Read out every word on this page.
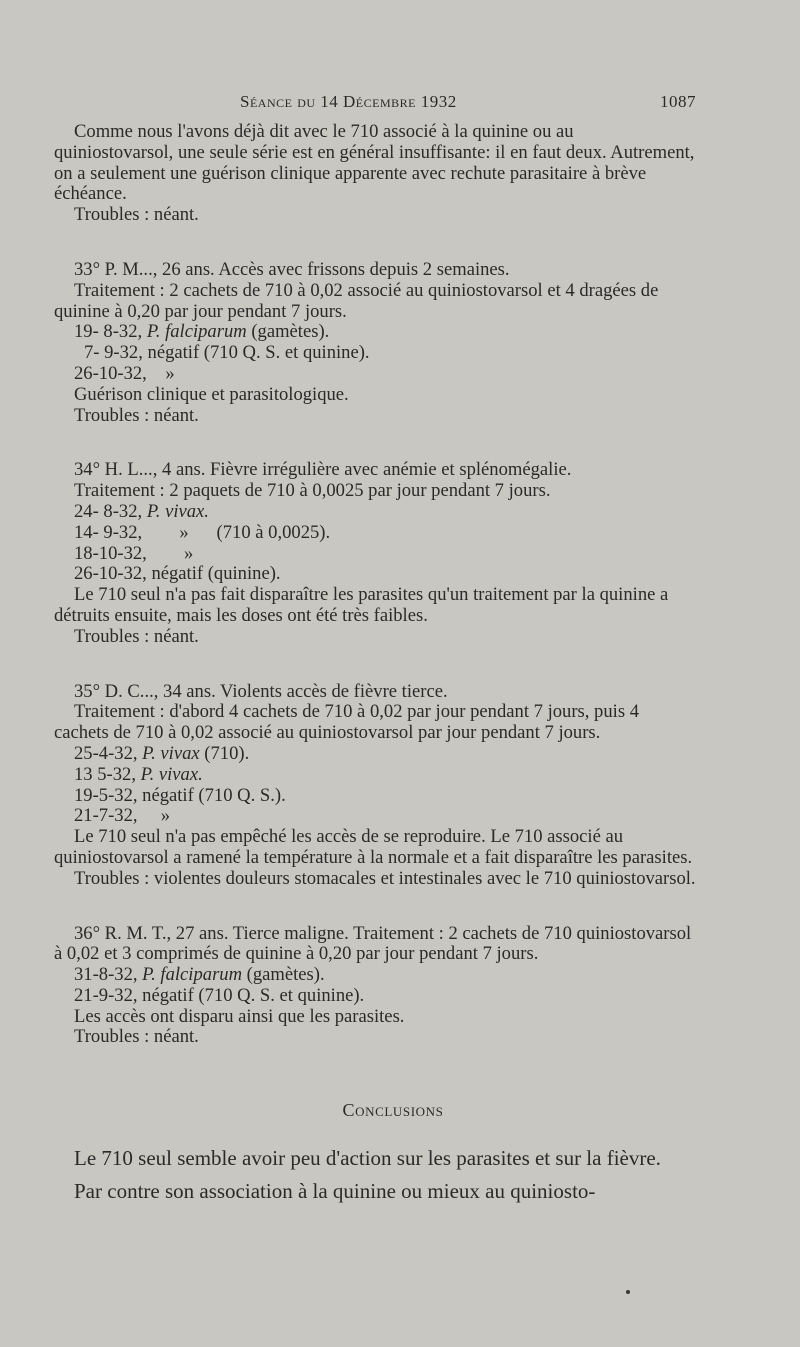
Séance du 14 Décembre 1932	1087

Comme nous l'avons déjà dit avec le 710 associé à la quinine ou au quiniostovarsol, une seule série est en général insuffisante: il en faut deux. Autrement, on a seulement une guérison clinique apparente avec rechute parasitaire à brève échéance.

Troubles : néant.

33° P. M..., 26 ans. Accès avec frissons depuis 2 semaines.

Traitement : 2 cachets de 710 à 0,02 associé au quiniostovarsol et 4 dragées de quinine à 0,20 par jour pendant 7 jours.

19- 8-32, P. falciparum (gamètes).

7- 9-32, négatif (710 Q. S. et quinine).

26-10-32,    »

Guérison clinique et parasitologique.

Troubles : néant.

34° H. L..., 4 ans. Fièvre irrégulière avec anémie et splénomégalie.

Traitement : 2 paquets de 710 à 0,0025 par jour pendant 7 jours.

24- 8-32, P. vivax.

14- 9-32,        »      (710 à 0,0025).

18-10-32,        »

26-10-32, négatif (quinine).

Le 710 seul n'a pas fait disparaître les parasites qu'un traitement par la quinine a détruits ensuite, mais les doses ont été très faibles.

Troubles : néant.

35° D. C..., 34 ans. Violents accès de fièvre tierce.

Traitement : d'abord 4 cachets de 710 à 0,02 par jour pendant 7 jours, puis 4 cachets de 710 à 0,02 associé au quiniostovarsol par jour pendant 7 jours.

25-4-32, P. vivax (710).

13 5-32, P. vivax.

19-5-32, négatif (710 Q. S.).

21-7-32,     »

Le 710 seul n'a pas empêché les accès de se reproduire. Le 710 associé au quiniostovarsol a ramené la température à la normale et a fait disparaître les parasites.

Troubles : violentes douleurs stomacales et intestinales avec le 710 quiniostovarsol.

36° R. M. T., 27 ans. Tierce maligne. Traitement : 2 cachets de 710 quiniostovarsol à 0,02 et 3 comprimés de quinine à 0,20 par jour pendant 7 jours.

31-8-32, P. falciparum (gamètes).

21-9-32, négatif (710 Q. S. et quinine).

Les accès ont disparu ainsi que les parasites.

Troubles : néant.

Conclusions

Le 710 seul semble avoir peu d'action sur les parasites et sur la fièvre.

Par contre son association à la quinine ou mieux au quiniosto-
